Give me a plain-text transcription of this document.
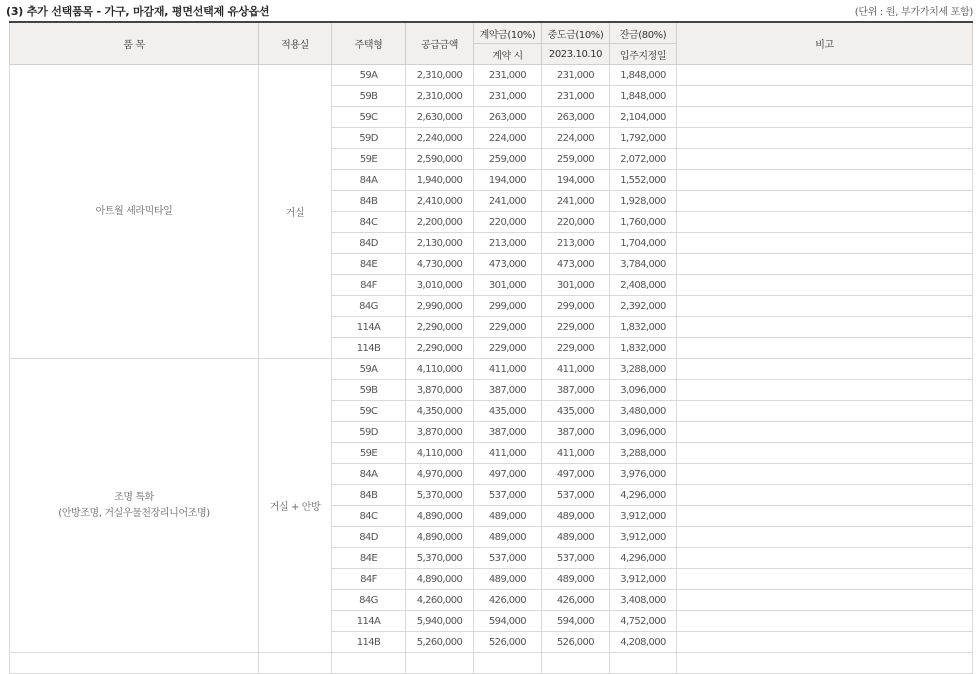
(3) 추가 선택품목 - 가구, 마감재, 평면선택제 유상옵션	(단위 : 원, 부가가치세 포함)
품 목	적용실	주택형	공급금액	계약금(10%)	중도금(10%)	잔금(80%)	비고
				계약 시	2023.10.10	입주지정일	

아트월 세라믹타일	거실	59A	2,310,000	231,000	231,000	1,848,000	
		59B	2,310,000	231,000	231,000	1,848,000	
		59C	2,630,000	263,000	263,000	2,104,000	
		59D	2,240,000	224,000	224,000	1,792,000	
		59E	2,590,000	259,000	259,000	2,072,000	
		84A	1,940,000	194,000	194,000	1,552,000	
		84B	2,410,000	241,000	241,000	1,928,000	
		84C	2,200,000	220,000	220,000	1,760,000	
		84D	2,130,000	213,000	213,000	1,704,000	
		84E	4,730,000	473,000	473,000	3,784,000	
		84F	3,010,000	301,000	301,000	2,408,000	
		84G	2,990,000	299,000	299,000	2,392,000	
		114A	2,290,000	229,000	229,000	1,832,000	
		114B	2,290,000	229,000	229,000	1,832,000	

조명 특화
(안방조명, 거실우물천장리니어조명)	거실 + 안방	59A	4,110,000	411,000	411,000	3,288,000	
		59B	3,870,000	387,000	387,000	3,096,000	
		59C	4,350,000	435,000	435,000	3,480,000	
		59D	3,870,000	387,000	387,000	3,096,000	
		59E	4,110,000	411,000	411,000	3,288,000	
		84A	4,970,000	497,000	497,000	3,976,000	
		84B	5,370,000	537,000	537,000	4,296,000	
		84C	4,890,000	489,000	489,000	3,912,000	
		84D	4,890,000	489,000	489,000	3,912,000	
		84E	5,370,000	537,000	537,000	4,296,000	
		84F	4,890,000	489,000	489,000	3,912,000	
		84G	4,260,000	426,000	426,000	3,408,000	
		114A	5,940,000	594,000	594,000	4,752,000	
		114B	5,260,000	526,000	526,000	4,208,000	
